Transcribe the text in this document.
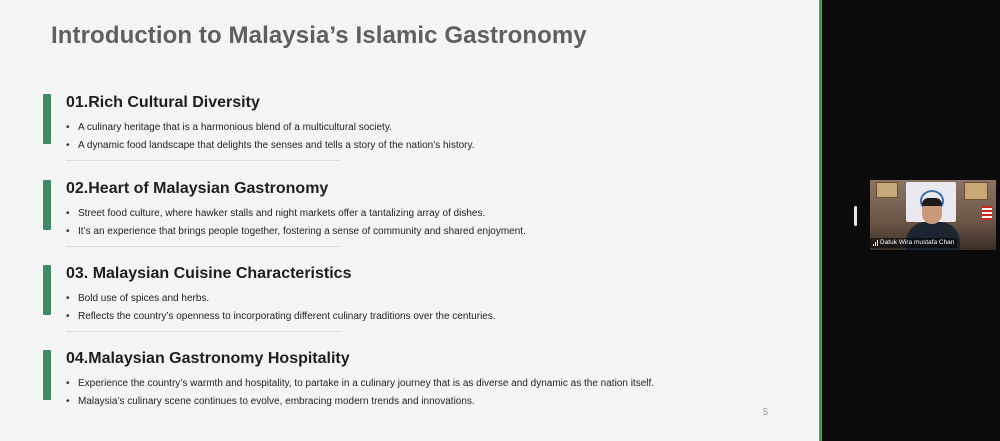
Introduction to Malaysia’s Islamic Gastronomy
01.Rich Cultural Diversity
• A culinary heritage that is a harmonious blend of a multicultural society.
• A dynamic food landscape that delights the senses and tells a story of the nation’s history.
02.Heart of Malaysian Gastronomy
• Street food culture, where hawker stalls and night markets offer a tantalizing array of dishes.
• It’s an experience that brings people together, fostering a sense of community and shared enjoyment.
03. Malaysian Cuisine Characteristics
• Bold use of spices and herbs.
• Reflects the country’s openness to incorporating different culinary traditions over the centuries.
04.Malaysian Gastronomy Hospitality
• Experience the country’s warmth and hospitality, to partake in a culinary journey that is as diverse and dynamic as the nation itself.
• Malaysia’s culinary scene continues to evolve, embracing modern trends and innovations.
5
Datuk Wira mustafa Chan
